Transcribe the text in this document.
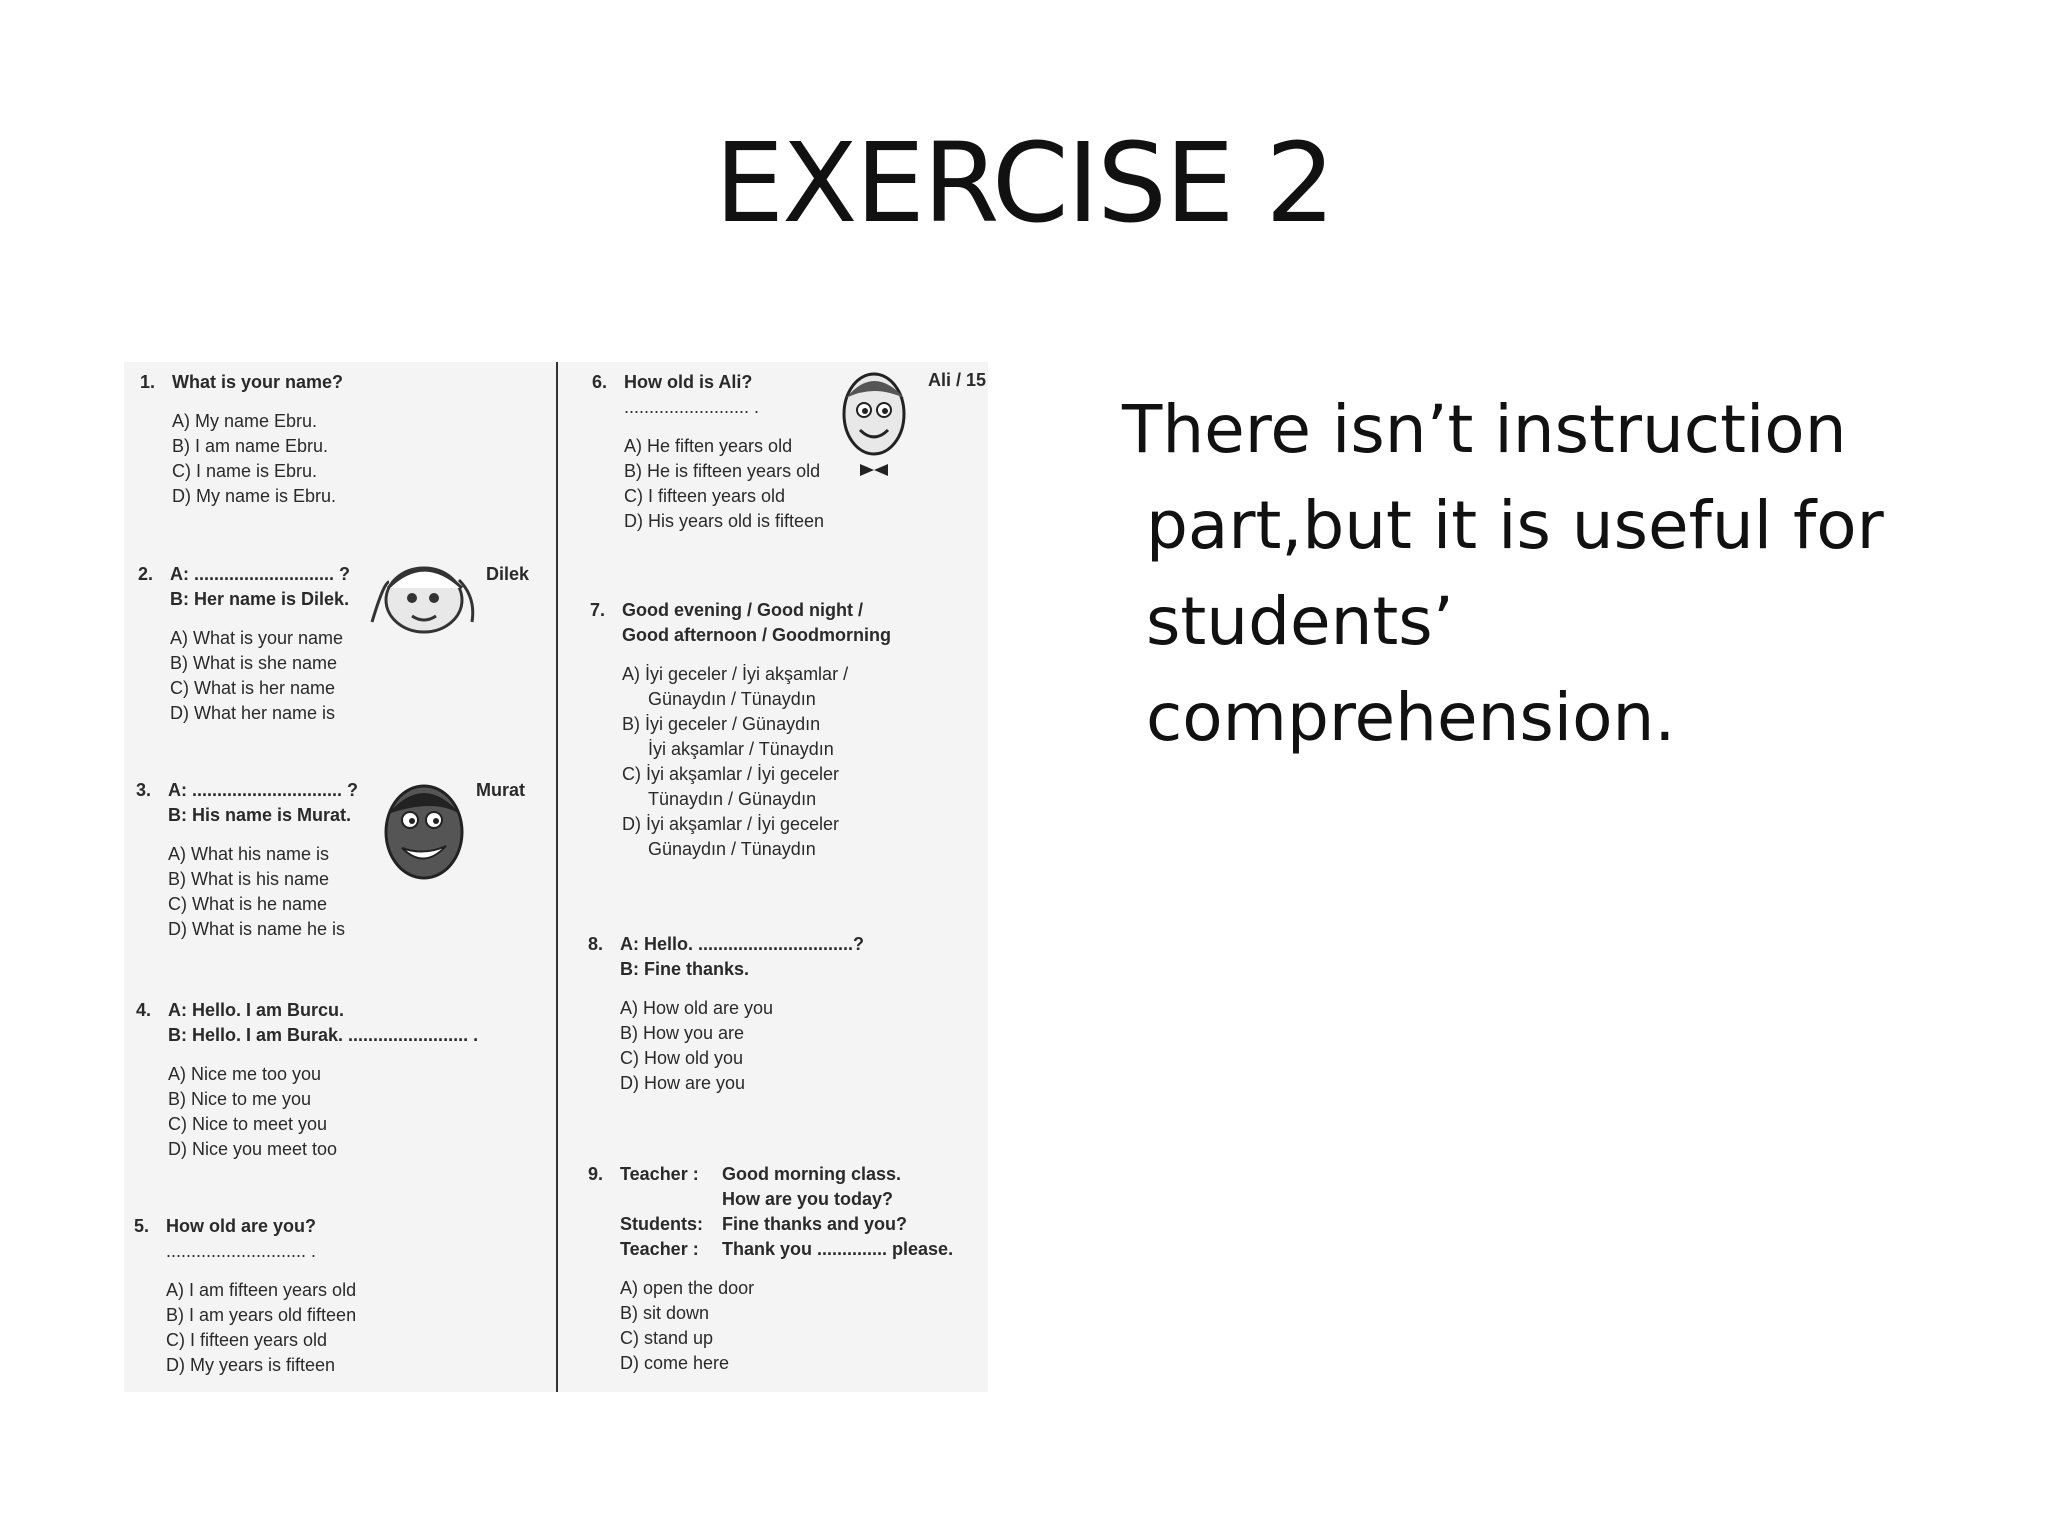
EXERCISE 2
1. What is your name?
A) My name Ebru.
B) I am name Ebru.
C) I name is Ebru.
D) My name is Ebru.
2. A: ............................ ?
B: Her name is Dilek.
A) What is your name
B) What is she name
C) What is her name
D) What her name is
Dilek
3. A: .............................. ?
B: His name is Murat.
A) What his name is
B) What is his name
C) What is he name
D) What is name he is
Murat
4. A: Hello. I am Burcu.
B: Hello. I am Burak. ........................ .
A) Nice me too you
B) Nice to me you
C) Nice to meet you
D) Nice you meet too
5. How old are you?
............................ .
A) I am fifteen years old
B) I am years old fifteen
C) I fifteen years old
D) My years is fifteen
6. How old is Ali?
......................... .
A) He fiften years old
B) He is fifteen years old
C) I fifteen years old
D) His years old is fifteen
Ali / 15
7. Good evening / Good night /
Good afternoon / Goodmorning
A) İyi geceler / İyi akşamlar /
Günaydın / Tünaydın
B) İyi geceler / Günaydın
İyi akşamlar / Tünaydın
C) İyi akşamlar / İyi geceler
Tünaydın / Günaydın
D) İyi akşamlar / İyi geceler
Günaydın / Tünaydın
8. A: Hello. ...............................?
B: Fine thanks.
A) How old are you
B) How you are
C) How old you
D) How are you
9. Teacher : Good morning class.
How are you today?
Students: Fine thanks and you?
Teacher : Thank you .............. please.
A) open the door
B) sit down
C) stand up
D) come here
There isn’t instruction
part,but it is useful for
students’
comprehension.
